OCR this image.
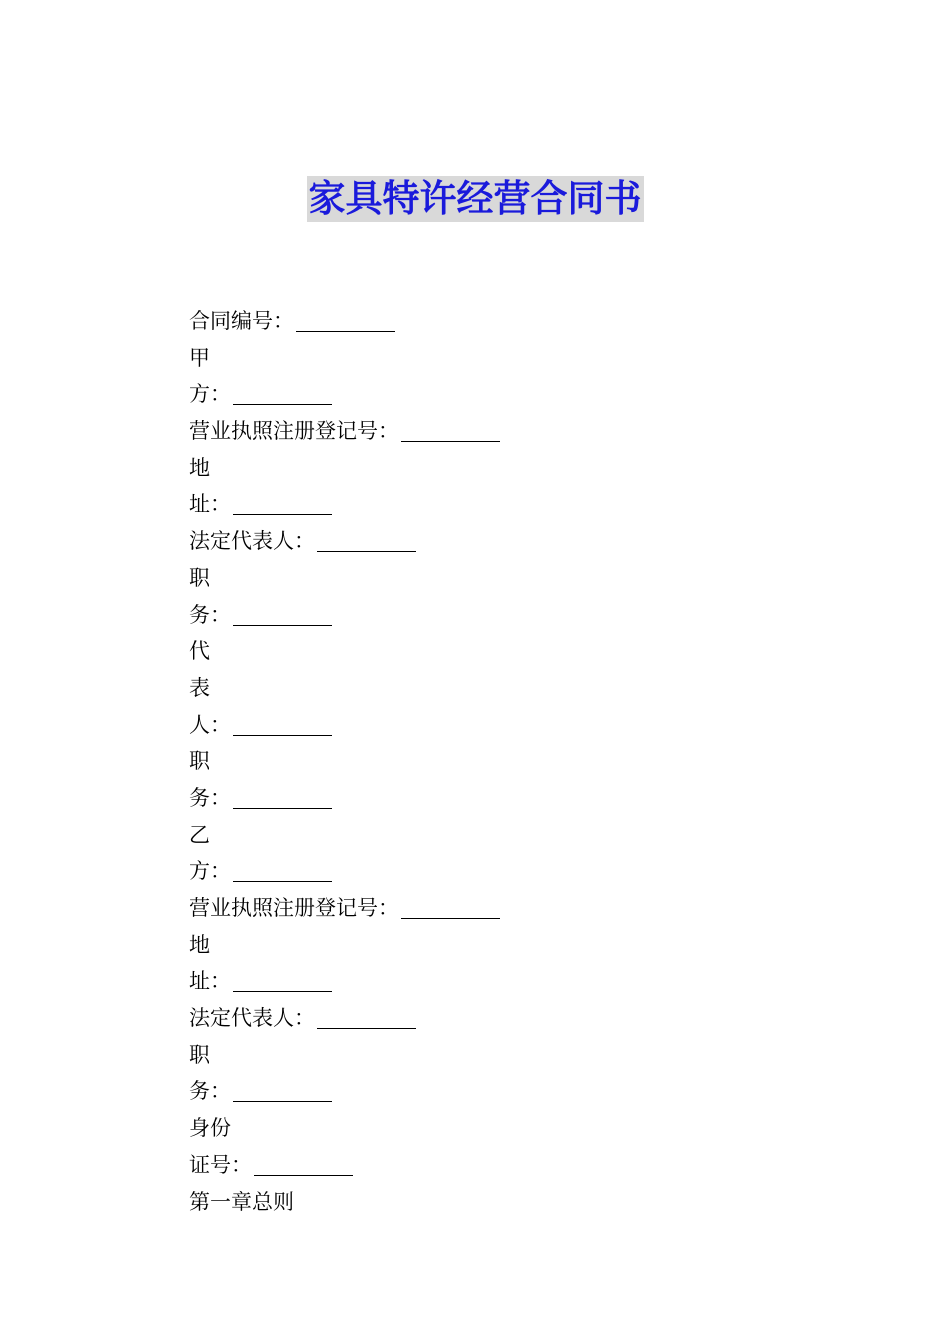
家具特许经营合同书
合同编号：
甲
方：
营业执照注册登记号：
地
址：
法定代表人：
职
务：
代
表
人：
职
务：
乙
方：
营业执照注册登记号：
地
址：
法定代表人：
职
务：
身份
证号：
第一章总则
